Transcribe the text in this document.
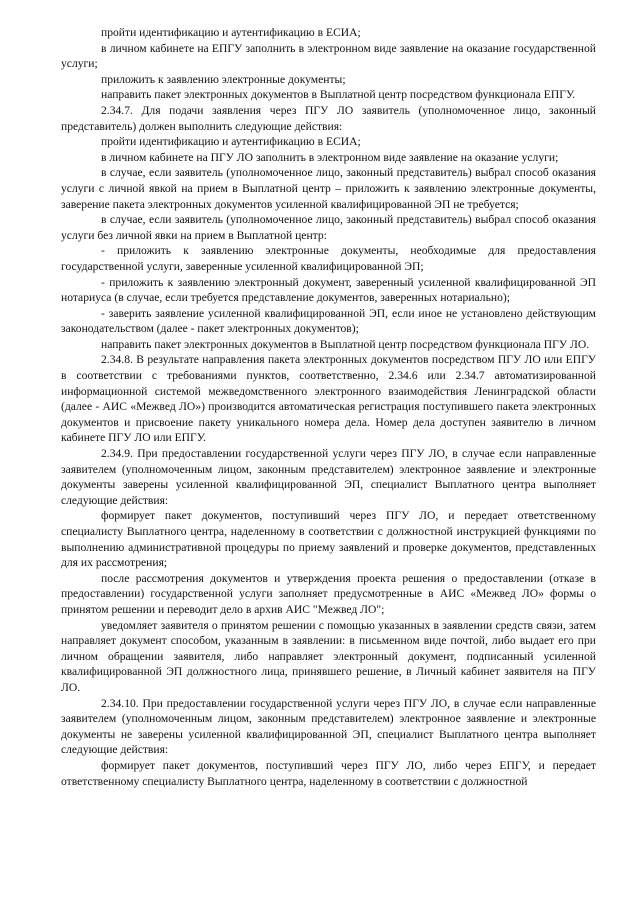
пройти идентификацию и аутентификацию в ЕСИА;

в личном кабинете на ЕПГУ заполнить в электронном виде заявление на оказание государственной услуги;

приложить к заявлению электронные документы;

направить пакет электронных документов в Выплатной центр посредством функционала ЕПГУ.

2.34.7. Для подачи заявления через ПГУ ЛО заявитель (уполномоченное лицо, законный представитель) должен выполнить следующие действия:

пройти идентификацию и аутентификацию в ЕСИА;

в личном кабинете на ПГУ ЛО заполнить в электронном виде заявление на оказание услуги;

в случае, если заявитель (уполномоченное лицо, законный представитель) выбрал способ оказания услуги с личной явкой на прием в Выплатной центр – приложить к заявлению электронные документы, заверение пакета электронных документов усиленной квалифицированной ЭП не требуется;

в случае, если заявитель (уполномоченное лицо, законный представитель) выбрал способ оказания услуги без личной явки на прием в Выплатной центр:

- приложить к заявлению электронные документы, необходимые для предоставления государственной услуги, заверенные усиленной квалифицированной ЭП;

- приложить к заявлению электронный документ, заверенный усиленной квалифицированной ЭП нотариуса (в случае, если требуется представление документов, заверенных нотариально);

- заверить заявление усиленной квалифицированной ЭП, если иное не установлено действующим законодательством (далее - пакет электронных документов);

направить пакет электронных документов в Выплатной центр посредством функционала ПГУ ЛО.

2.34.8. В результате направления пакета электронных документов посредством ПГУ ЛО или ЕПГУ в соответствии с требованиями пунктов, соответственно, 2.34.6 или 2.34.7 автоматизированной информационной системой межведомственного электронного взаимодействия Ленинградской области (далее - АИС «Межвед ЛО») производится автоматическая регистрация поступившего пакета электронных документов и присвоение пакету уникального номера дела. Номер дела доступен заявителю в личном кабинете ПГУ ЛО или ЕПГУ.

2.34.9. При предоставлении государственной услуги через ПГУ ЛО, в случае если направленные заявителем (уполномоченным лицом, законным представителем) электронное заявление и электронные документы заверены усиленной квалифицированной ЭП, специалист Выплатного центра выполняет следующие действия:

формирует пакет документов, поступивший через ПГУ ЛО, и передает ответственному специалисту Выплатного центра, наделенному в соответствии с должностной инструкцией функциями по выполнению административной процедуры по приему заявлений и проверке документов, представленных для их рассмотрения;

после рассмотрения документов и утверждения проекта решения о предоставлении (отказе в предоставлении) государственной услуги заполняет предусмотренные в АИС «Межвед ЛО» формы о принятом решении и переводит дело в архив АИС "Межвед ЛО";

уведомляет заявителя о принятом решении с помощью указанных в заявлении средств связи, затем направляет документ способом, указанным в заявлении: в письменном виде почтой, либо выдает его при личном обращении заявителя, либо направляет электронный документ, подписанный усиленной квалифицированной ЭП должностного лица, принявшего решение, в Личный кабинет заявителя на ПГУ ЛО.

2.34.10. При предоставлении государственной услуги через ПГУ ЛО, в случае если направленные заявителем (уполномоченным лицом, законным представителем) электронное заявление и электронные документы не заверены усиленной квалифицированной ЭП, специалист Выплатного центра выполняет следующие действия:

формирует пакет документов, поступивший через ПГУ ЛО, либо через ЕПГУ, и передает ответственному специалисту Выплатного центра, наделенному в соответствии с должностной
